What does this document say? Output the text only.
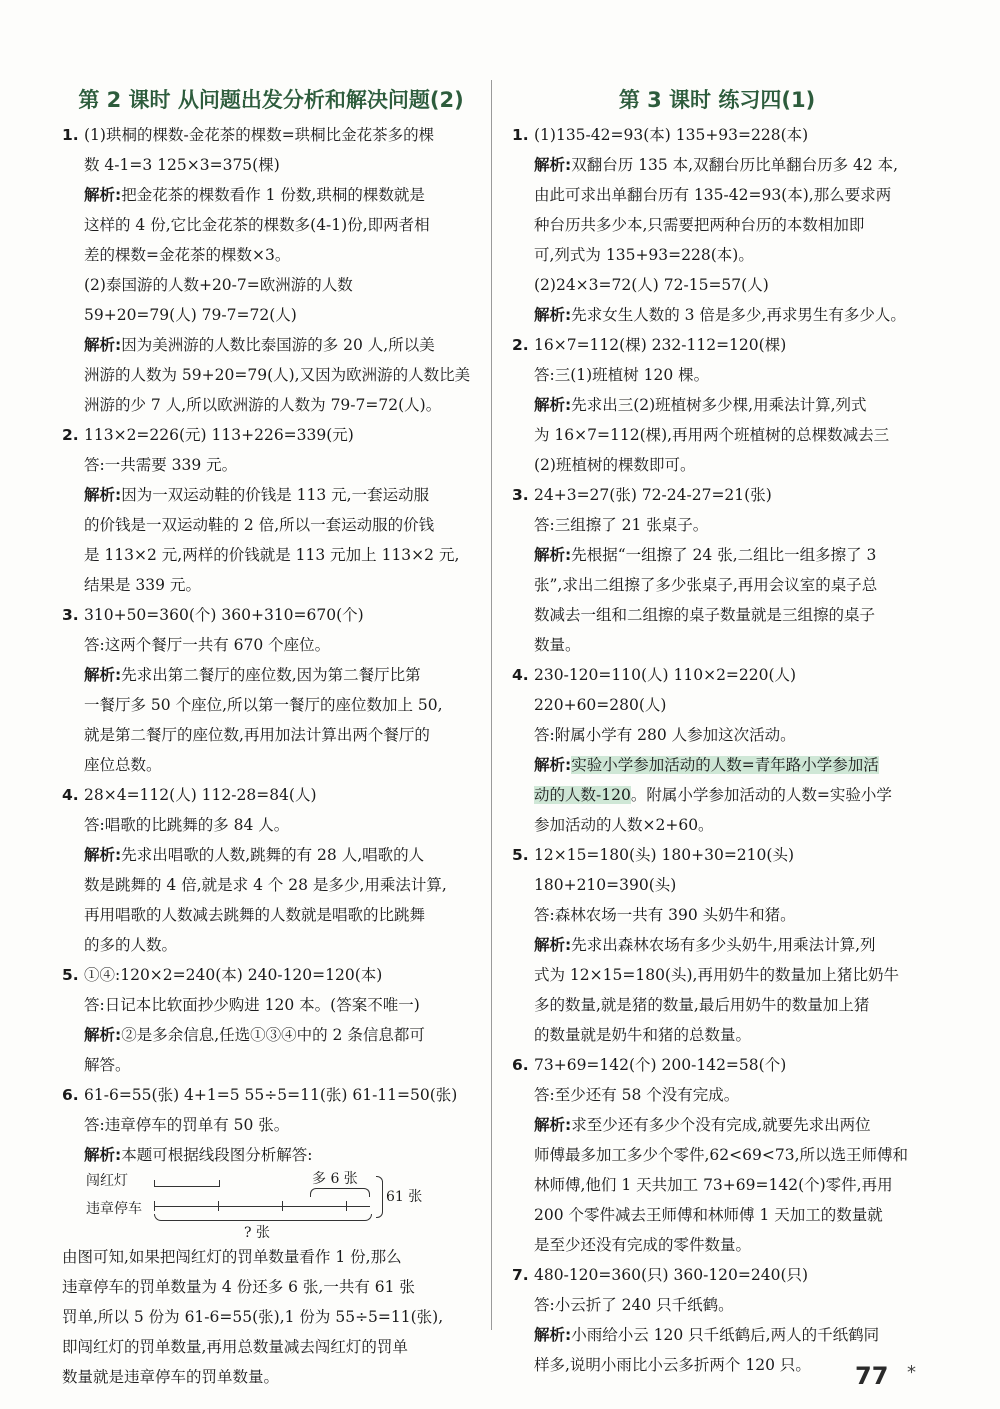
第 2 课时 从问题出发分析和解决问题(2)
1. (1)珙桐的棵数-金花茶的棵数=珙桐比金花茶多的棵
数 4-1=3 125×3=375(棵)
解析:把金花茶的棵数看作 1 份数,珙桐的棵数就是
这样的 4 份,它比金花茶的棵数多(4-1)份,即两者相
差的棵数=金花茶的棵数×3。
(2)泰国游的人数+20-7=欧洲游的人数
59+20=79(人) 79-7=72(人)
解析:因为美洲游的人数比泰国游的多 20 人,所以美
洲游的人数为 59+20=79(人),又因为欧洲游的人数比美
洲游的少 7 人,所以欧洲游的人数为 79-7=72(人)。
2. 113×2=226(元) 113+226=339(元)
答:一共需要 339 元。
解析:因为一双运动鞋的价钱是 113 元,一套运动服
的价钱是一双运动鞋的 2 倍,所以一套运动服的价钱
是 113×2 元,两样的价钱就是 113 元加上 113×2 元,
结果是 339 元。
3. 310+50=360(个) 360+310=670(个)
答:这两个餐厅一共有 670 个座位。
解析:先求出第二餐厅的座位数,因为第二餐厅比第
一餐厅多 50 个座位,所以第一餐厅的座位数加上 50,
就是第二餐厅的座位数,再用加法计算出两个餐厅的
座位总数。
4. 28×4=112(人) 112-28=84(人)
答:唱歌的比跳舞的多 84 人。
解析:先求出唱歌的人数,跳舞的有 28 人,唱歌的人
数是跳舞的 4 倍,就是求 4 个 28 是多少,用乘法计算,
再用唱歌的人数减去跳舞的人数就是唱歌的比跳舞
的多的人数。
5. ①④:120×2=240(本) 240-120=120(本)
答:日记本比软面抄少购进 120 本。(答案不唯一)
解析:②是多余信息,任选①③④中的 2 条信息都可
解答。
6. 61-6=55(张) 4+1=5 55÷5=11(张) 61-11=50(张)
答:违章停车的罚单有 50 张。
解析:本题可根据线段图分析解答:
闯红灯	多 6 张
违章停车
61 张
? 张
由图可知,如果把闯红灯的罚单数量看作 1 份,那么
违章停车的罚单数量为 4 份还多 6 张,一共有 61 张
罚单,所以 5 份为 61-6=55(张),1 份为 55÷5=11(张),
即闯红灯的罚单数量,再用总数量减去闯红灯的罚单
数量就是违章停车的罚单数量。
第 3 课时 练习四(1)
1. (1)135-42=93(本) 135+93=228(本)
解析:双翻台历 135 本,双翻台历比单翻台历多 42 本,
由此可求出单翻台历有 135-42=93(本),那么要求两
种台历共多少本,只需要把两种台历的本数相加即
可,列式为 135+93=228(本)。
(2)24×3=72(人) 72-15=57(人)
解析:先求女生人数的 3 倍是多少,再求男生有多少人。
2. 16×7=112(棵) 232-112=120(棵)
答:三(1)班植树 120 棵。
解析:先求出三(2)班植树多少棵,用乘法计算,列式
为 16×7=112(棵),再用两个班植树的总棵数减去三
(2)班植树的棵数即可。
3. 24+3=27(张) 72-24-27=21(张)
答:三组擦了 21 张桌子。
解析:先根据“一组擦了 24 张,二组比一组多擦了 3
张”,求出二组擦了多少张桌子,再用会议室的桌子总
数减去一组和二组擦的桌子数量就是三组擦的桌子
数量。
4. 230-120=110(人) 110×2=220(人)
220+60=280(人)
答:附属小学有 280 人参加这次活动。
解析:实验小学参加活动的人数=青年路小学参加活
动的人数-120。附属小学参加活动的人数=实验小学
参加活动的人数×2+60。
5. 12×15=180(头) 180+30=210(头)
180+210=390(头)
答:森林农场一共有 390 头奶牛和猪。
解析:先求出森林农场有多少头奶牛,用乘法计算,列
式为 12×15=180(头),再用奶牛的数量加上猪比奶牛
多的数量,就是猪的数量,最后用奶牛的数量加上猪
的数量就是奶牛和猪的总数量。
6. 73+69=142(个) 200-142=58(个)
答:至少还有 58 个没有完成。
解析:求至少还有多少个没有完成,就要先求出两位
师傅最多加工多少个零件,62<69<73,所以选王师傅和
林师傅,他们 1 天共加工 73+69=142(个)零件,再用
200 个零件减去王师傅和林师傅 1 天加工的数量就
是至少还没有完成的零件数量。
7. 480-120=360(只) 360-120=240(只)
答:小云折了 240 只千纸鹤。
解析:小雨给小云 120 只千纸鹤后,两人的千纸鹤同
样多,说明小雨比小云多折两个 120 只。	77 *
